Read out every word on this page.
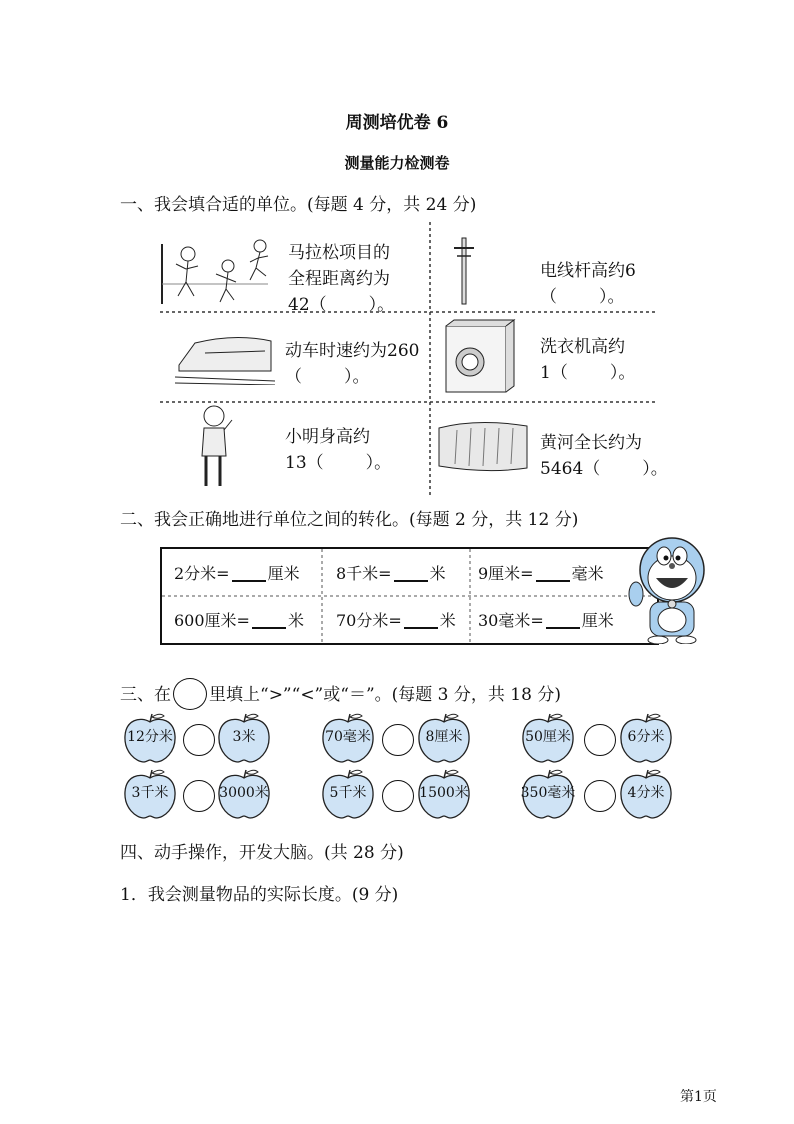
周测培优卷 6
测量能力检测卷
一、我会填合适的单位。(每题 4 分，共 24 分)
马拉松项目的
全程距离约为
42（ ）。
电线杆高约6
（ ）。
动车时速约为260
（ ）。
洗衣机高约
1（ ）。
小明身高约
13（ ）。
黄河全长约为
5464（ ）。
二、我会正确地进行单位之间的转化。(每题 2 分，共 12 分)
2分米= 厘米 8千米= 米 9厘米= 毫米
600厘米= 米 70分米= 米 30毫米= 厘米
三、在 里填上“>”“<”或“＝”。(每题 3 分，共 18 分)
12分米	3米	70毫米	8厘米	50厘米	6分米
3千米	3000米	5千米	1500米	350毫米	4分米
四、动手操作，开发大脑。(共 28 分)
1．我会测量物品的实际长度。(9 分)
第1页
